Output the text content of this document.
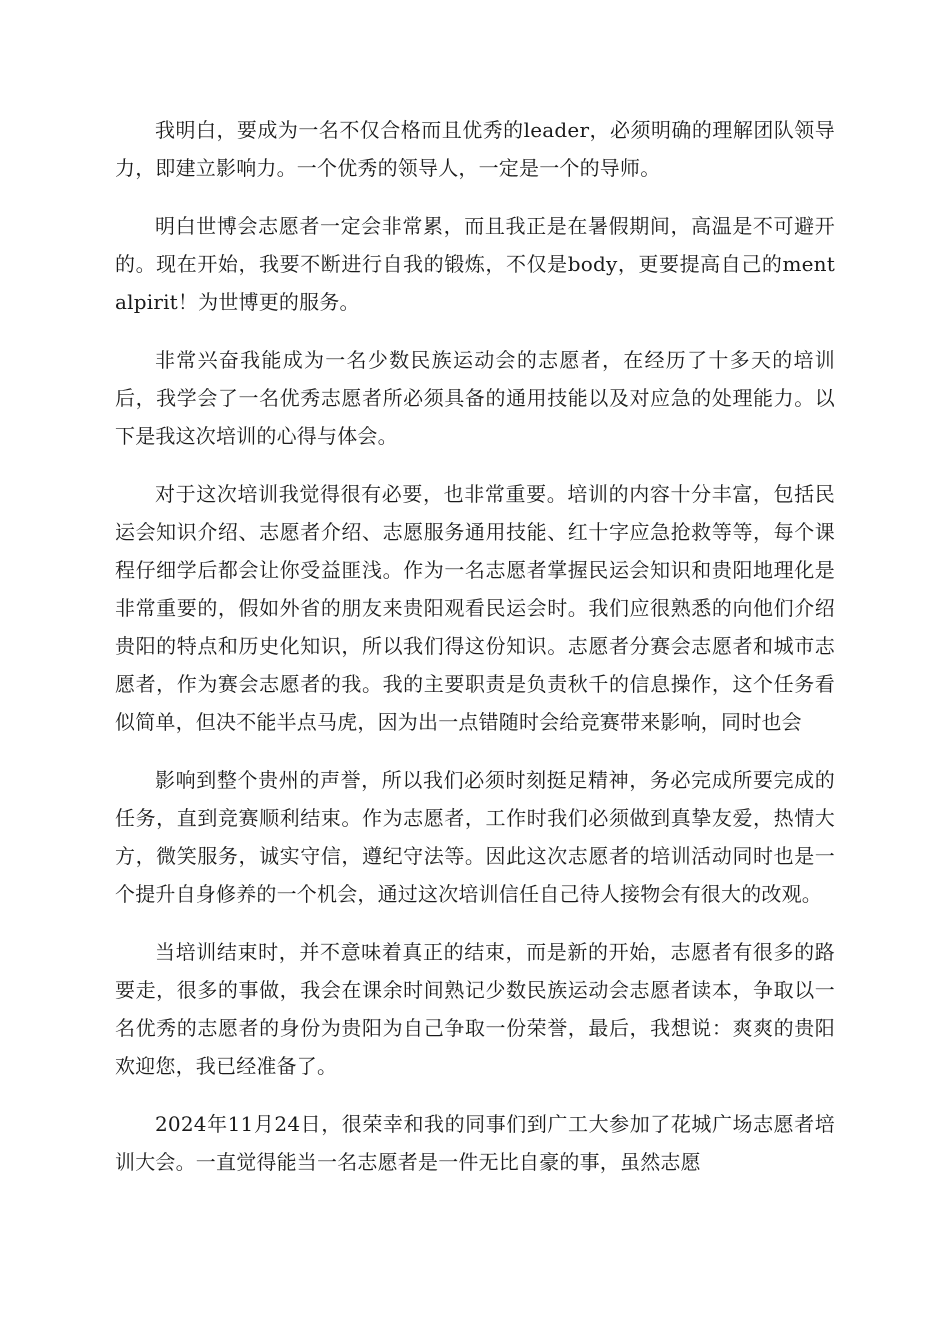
我明白，要成为一名不仅合格而且优秀的leader，必须明确的理解团队领导力，即建立影响力。一个优秀的领导人，一定是一个的导师。

明白世博会志愿者一定会非常累，而且我正是在暑假期间，高温是不可避开的。现在开始，我要不断进行自我的锻炼，不仅是body，更要提高自己的mentalpirit！为世博更的服务。

非常兴奋我能成为一名少数民族运动会的志愿者，在经历了十多天的培训后，我学会了一名优秀志愿者所必须具备的通用技能以及对应急的处理能力。以下是我这次培训的心得与体会。

对于这次培训我觉得很有必要，也非常重要。培训的内容十分丰富，包括民运会知识介绍、志愿者介绍、志愿服务通用技能、红十字应急抢救等等，每个课程仔细学后都会让你受益匪浅。作为一名志愿者掌握民运会知识和贵阳地理化是非常重要的，假如外省的朋友来贵阳观看民运会时。我们应很熟悉的向他们介绍贵阳的特点和历史化知识，所以我们得这份知识。志愿者分赛会志愿者和城市志愿者，作为赛会志愿者的我。我的主要职责是负责秋千的信息操作，这个任务看似简单，但决不能半点马虎，因为出一点错随时会给竞赛带来影响，同时也会

影响到整个贵州的声誉，所以我们必须时刻挺足精神，务必完成所要完成的任务，直到竞赛顺利结束。作为志愿者，工作时我们必须做到真挚友爱，热情大方，微笑服务，诚实守信，遵纪守法等。因此这次志愿者的培训活动同时也是一个提升自身修养的一个机会，通过这次培训信任自己待人接物会有很大的改观。

当培训结束时，并不意味着真正的结束，而是新的开始，志愿者有很多的路要走，很多的事做，我会在课余时间熟记少数民族运动会志愿者读本，争取以一名优秀的志愿者的身份为贵阳为自己争取一份荣誉，最后，我想说：爽爽的贵阳欢迎您，我已经准备了。

2024年11月24日，很荣幸和我的同事们到广工大参加了花城广场志愿者培训大会。一直觉得能当一名志愿者是一件无比自豪的事，虽然志愿
